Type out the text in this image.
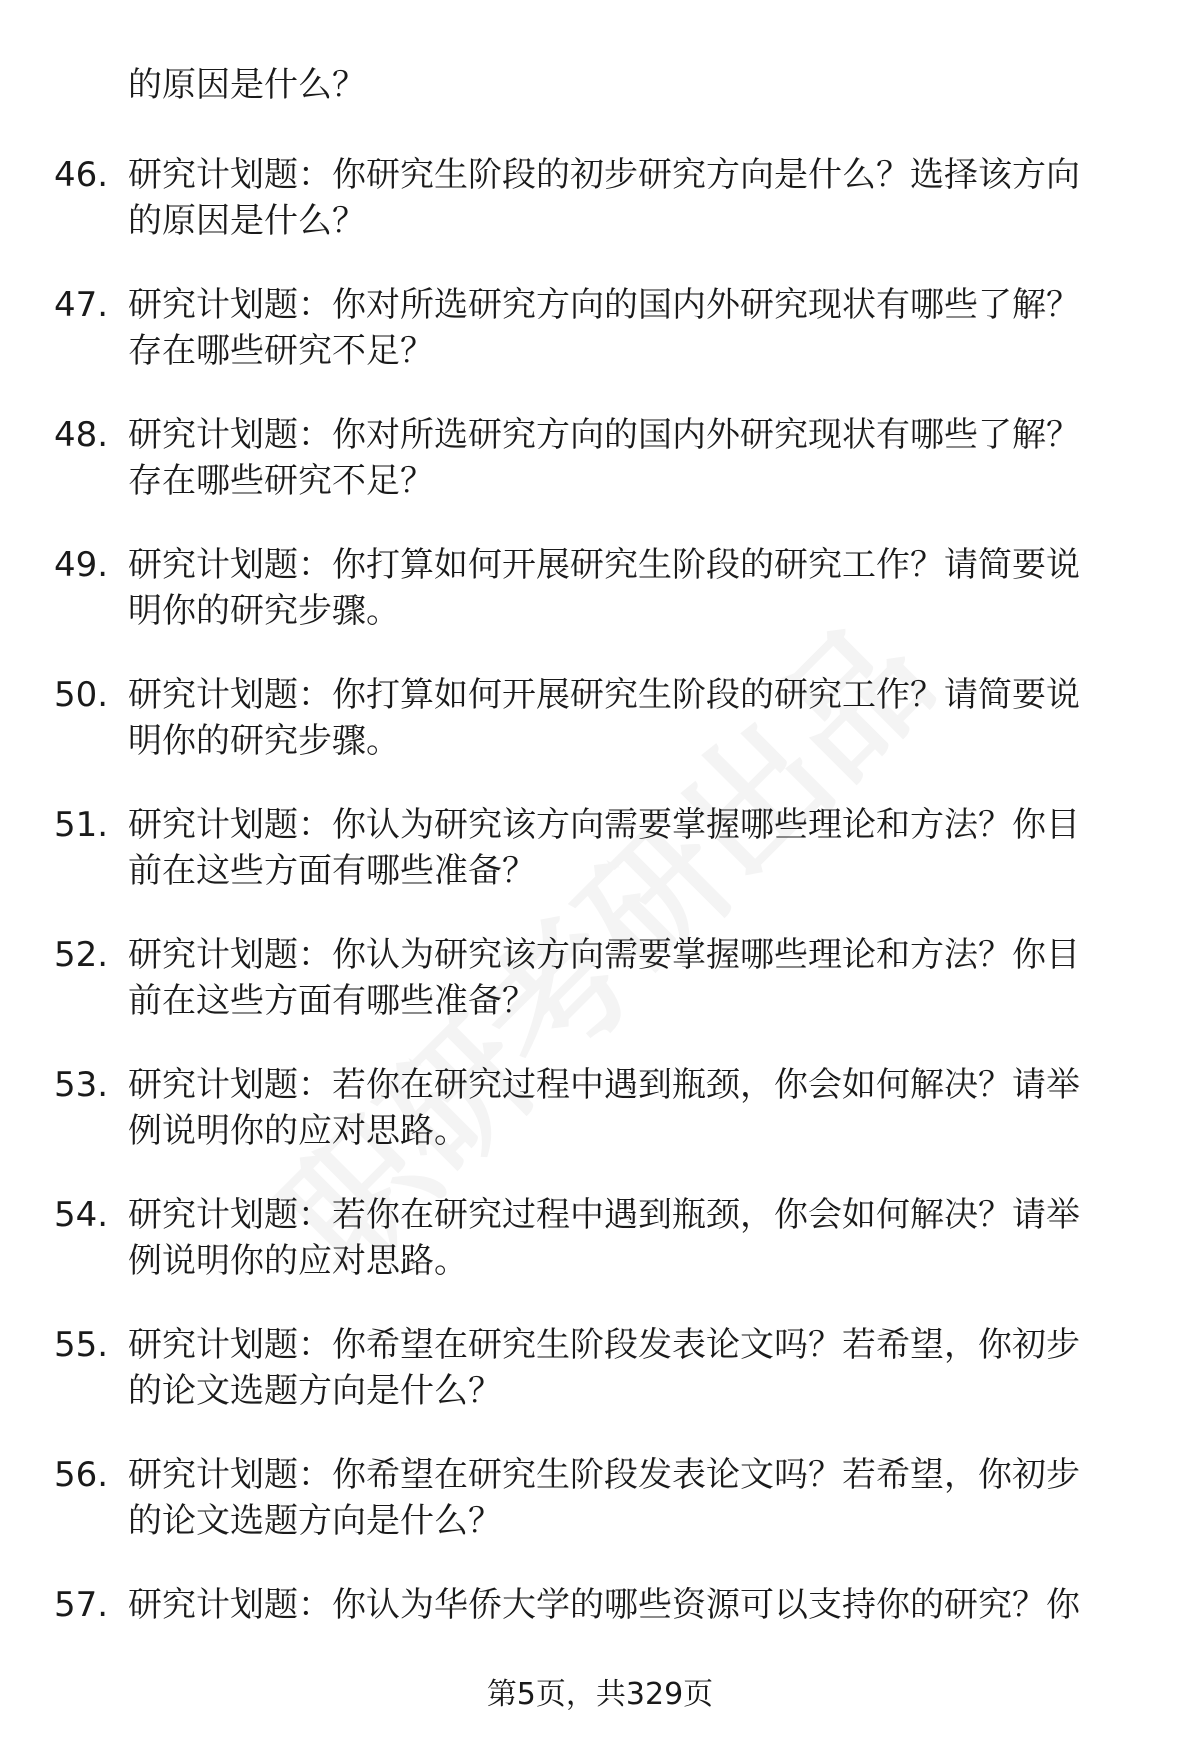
的原因是什么？
46. 研究计划题：你研究生阶段的初步研究方向是什么？选择该方向
的原因是什么？
47. 研究计划题：你对所选研究方向的国内外研究现状有哪些了解？
存在哪些研究不足？
48. 研究计划题：你对所选研究方向的国内外研究现状有哪些了解？
存在哪些研究不足？
49. 研究计划题：你打算如何开展研究生阶段的研究工作？请简要说
明你的研究步骤。
50. 研究计划题：你打算如何开展研究生阶段的研究工作？请简要说
明你的研究步骤。
51. 研究计划题：你认为研究该方向需要掌握哪些理论和方法？你目
前在这些方面有哪些准备？
52. 研究计划题：你认为研究该方向需要掌握哪些理论和方法？你目
前在这些方面有哪些准备？
53. 研究计划题：若你在研究过程中遇到瓶颈，你会如何解决？请举
例说明你的应对思路。
54. 研究计划题：若你在研究过程中遇到瓶颈，你会如何解决？请举
例说明你的应对思路。
55. 研究计划题：你希望在研究生阶段发表论文吗？若希望，你初步
的论文选题方向是什么？
56. 研究计划题：你希望在研究生阶段发表论文吗？若希望，你初步
的论文选题方向是什么？
57. 研究计划题：你认为华侨大学的哪些资源可以支持你的研究？你
第5页，共329页
